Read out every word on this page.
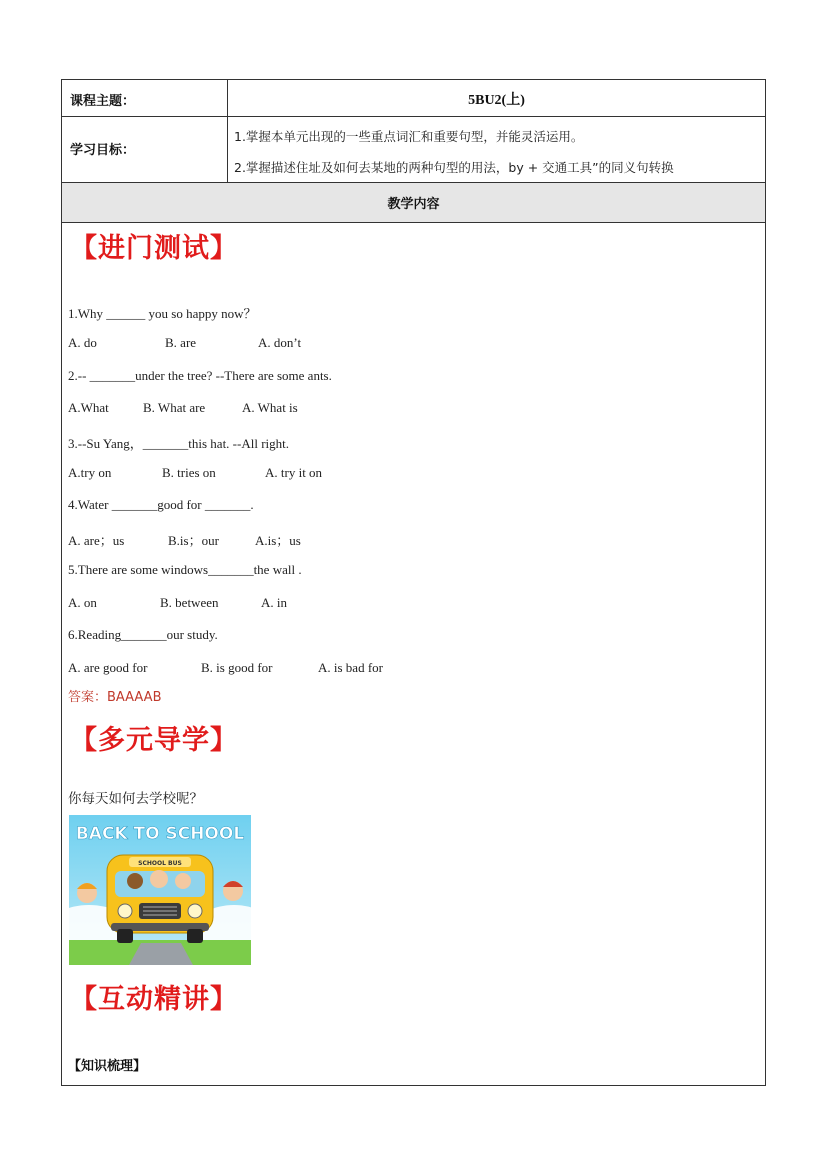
课程主题：	5BU2(上)
学习目标：
1.掌握本单元出现的一些重点词汇和重要句型，并能灵活运用。
2.掌握描述住址及如何去某地的两种句型的用法，by + 交通工具”的同义句转换
教学内容
【进门测试】
1.Why ______ you so happy now？
A. do	B. are	A. don’t
2.-- _______under the tree? --There are some ants.
A.What	B. What are	A. What is
3.--Su Yang，_______this hat. --All right.
A.try on	B. tries on	A. try it on
4.Water _______good for _______.
A. are；us	B.is；our	A.is；us
5.There are some windows_______the wall .
A. on	B. between	A. in
6.Reading_______our study.
A. are good for	B. is good for	A. is bad for
答案：BAAAAB
【多元导学】
你每天如何去学校呢？
BACK TO SCHOOL
SCHOOL BUS
【互动精讲】
【知识梳理】
